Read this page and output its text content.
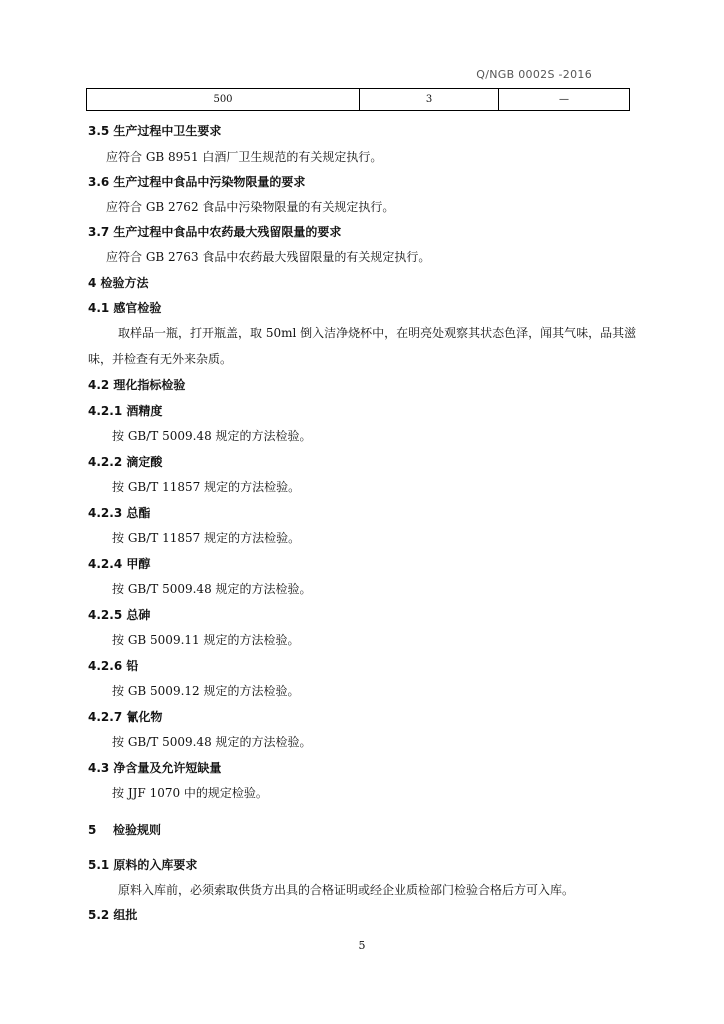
Q/NGB 0002S -2016
500	3	—
3.5 生产过程中卫生要求
应符合 GB 8951 白酒厂卫生规范的有关规定执行。
3.6 生产过程中食品中污染物限量的要求
应符合 GB 2762 食品中污染物限量的有关规定执行。
3.7 生产过程中食品中农药最大残留限量的要求
应符合 GB 2763 食品中农药最大残留限量的有关规定执行。
4 检验方法
4.1 感官检验
取样品一瓶，打开瓶盖，取 50ml 倒入洁净烧杯中，在明亮处观察其状态色泽，闻其气味，品其滋
味，并检查有无外来杂质。
4.2 理化指标检验
4.2.1 酒精度
按 GB/T 5009.48 规定的方法检验。
4.2.2 滴定酸
按 GB/T 11857 规定的方法检验。
4.2.3 总酯
按 GB/T 11857 规定的方法检验。
4.2.4 甲醇
按 GB/T 5009.48 规定的方法检验。
4.2.5 总砷
按 GB 5009.11 规定的方法检验。
4.2.6 铅
按 GB 5009.12 规定的方法检验。
4.2.7 氰化物
按 GB/T 5009.48 规定的方法检验。
4.3 净含量及允许短缺量
按 JJF 1070 中的规定检验。
5    检验规则
5.1 原料的入库要求
原料入库前，必须索取供货方出具的合格证明或经企业质检部门检验合格后方可入库。
5.2 组批
5
